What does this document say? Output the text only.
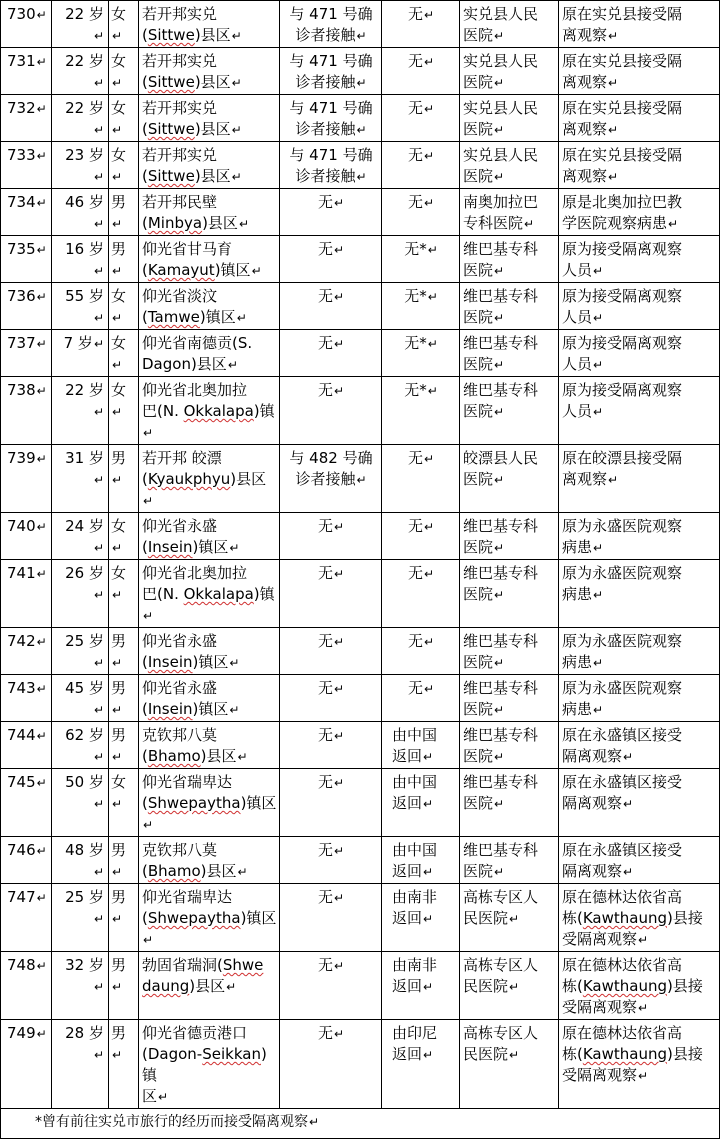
730 ↵	22 岁 ↵	女 ↵	若开邦实兑
(Sittwe)县区 ↵	与 471 号确
诊者接触 ↵	无 ↵	实兑县人民
医院 ↵	原在实兑县接受隔
离观察 ↵
731 ↵	22 岁 ↵	女 ↵	若开邦实兑
(Sittwe)县区 ↵	与 471 号确
诊者接触 ↵	无 ↵	实兑县人民
医院 ↵	原在实兑县接受隔
离观察 ↵
732 ↵	22 岁 ↵	女 ↵	若开邦实兑
(Sittwe)县区 ↵	与 471 号确
诊者接触 ↵	无 ↵	实兑县人民
医院 ↵	原在实兑县接受隔
离观察 ↵
733 ↵	23 岁 ↵	女 ↵	若开邦实兑
(Sittwe)县区 ↵	与 471 号确
诊者接触 ↵	无 ↵	实兑县人民
医院 ↵	原在实兑县接受隔
离观察 ↵
734 ↵	46 岁 ↵	男 ↵	若开邦民壁
(Minbya)县区 ↵	无 ↵	无 ↵	南奥加拉巴
专科医院 ↵	原是北奥加拉巴教
学医院观察病患 ↵
735 ↵	16 岁 ↵	男 ↵	仰光省甘马育
(Kamayut)镇区 ↵	无 ↵	无* ↵	维巴基专科
医院 ↵	原为接受隔离观察
人员 ↵
736 ↵	55 岁 ↵	女 ↵	仰光省淡汶
(Tamwe)镇区 ↵	无 ↵	无* ↵	维巴基专科
医院 ↵	原为接受隔离观察
人员 ↵
737 ↵	7 岁 ↵	女 ↵	仰光省南德贡(S.
Dagon)县区 ↵	无 ↵	无* ↵	维巴基专科
医院 ↵	原为接受隔离观察
人员 ↵
738 ↵	22 岁 ↵	女 ↵	仰光省北奥加拉
巴(N. Okkalapa)镇 ↵	无 ↵	无* ↵	维巴基专科
医院 ↵	原为接受隔离观察
人员 ↵
739 ↵	31 岁 ↵	男 ↵	若开邦 皎漂
(Kyaukphyu)县区 ↵	与 482 号确
诊者接触 ↵	无 ↵	皎漂县人民
医院 ↵	原在皎漂县接受隔
离观察 ↵
740 ↵	24 岁 ↵	女 ↵	仰光省永盛
(Insein)镇区 ↵	无 ↵	无 ↵	维巴基专科
医院 ↵	原为永盛医院观察
病患 ↵
741 ↵	26 岁 ↵	女 ↵	仰光省北奥加拉
巴(N. Okkalapa)镇 ↵	无 ↵	无 ↵	维巴基专科
医院 ↵	原为永盛医院观察
病患 ↵
742 ↵	25 岁 ↵	男 ↵	仰光省永盛
(Insein)镇区 ↵	无 ↵	无 ↵	维巴基专科
医院 ↵	原为永盛医院观察
病患 ↵
743 ↵	45 岁 ↵	男 ↵	仰光省永盛
(Insein)镇区 ↵	无 ↵	无 ↵	维巴基专科
医院 ↵	原为永盛医院观察
病患 ↵
744 ↵	62 岁 ↵	男 ↵	克钦邦八莫
(Bhamo)县区 ↵	无 ↵	由中国
返回 ↵	维巴基专科
医院 ↵	原在永盛镇区接受
隔离观察 ↵
745 ↵	50 岁 ↵	女 ↵	仰光省瑞卑达
(Shwepaytha)镇区 ↵	无 ↵	由中国
返回 ↵	维巴基专科
医院 ↵	原在永盛镇区接受
隔离观察 ↵
746 ↵	48 岁 ↵	男 ↵	克钦邦八莫
(Bhamo)县区 ↵	无 ↵	由中国
返回 ↵	维巴基专科
医院 ↵	原在永盛镇区接受
隔离观察 ↵
747 ↵	25 岁 ↵	男 ↵	仰光省瑞卑达
(Shwepaytha)镇区 ↵	无 ↵	由南非
返回 ↵	高栋专区人
民医院 ↵	原在德林达依省高
栋(Kawthaung)县接
受隔离观察 ↵
748 ↵	32 岁 ↵	男 ↵	勃固省瑞洞(Shwe
daung)县区 ↵	无 ↵	由南非
返回 ↵	高栋专区人
民医院 ↵	原在德林达依省高
栋(Kawthaung)县接
受隔离观察 ↵
749 ↵	28 岁 ↵	男 ↵	仰光省德贡港口
(Dagon-Seikkan)镇
区 ↵	无 ↵	由印尼
返回 ↵	高栋专区人
民医院 ↵	原在德林达依省高
栋(Kawthaung)县接
受隔离观察 ↵
*曾有前往实兑市旅行的经历而接受隔离观察 ↵
